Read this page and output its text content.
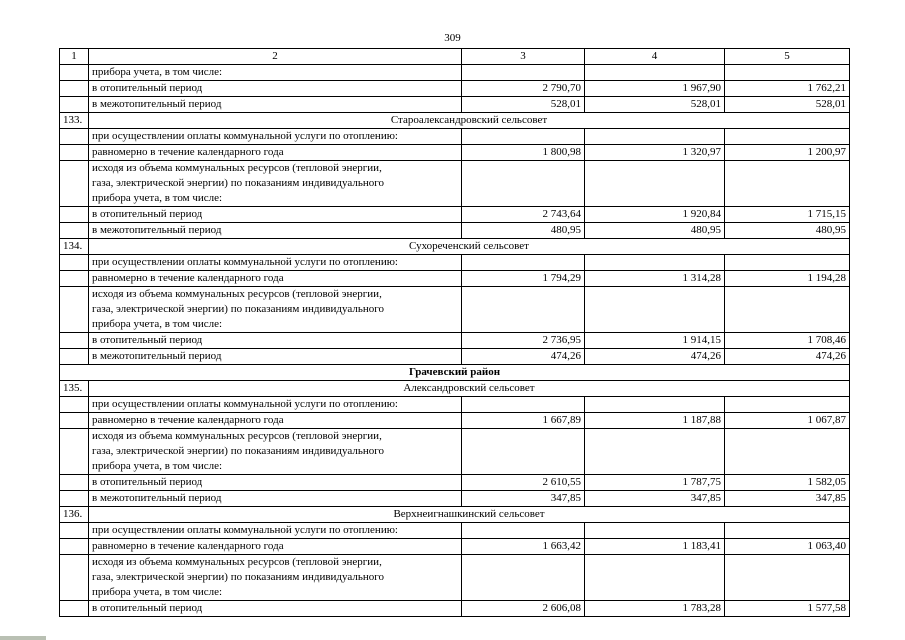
309
1	2	3	4	5
	прибора учета, в том числе:			
	в отопительный период	2 790,70	1 967,90	1 762,21
	в межотопительный период	528,01	528,01	528,01
133.	Староалександровский сельсовет			
	при осуществлении оплаты коммунальной услуги по отоплению:			
	равномерно в течение календарного года	1 800,98	1 320,97	1 200,97

	исходя из объема коммунальных ресурсов (тепловой энергии,
газа, электрической энергии) по показаниям индивидуального
прибора учета, в том числе:			

	в отопительный период	2 743,64	1 920,84	1 715,15
	в межотопительный период	480,95	480,95	480,95
134.	Сухореченский сельсовет			
	при осуществлении оплаты коммунальной услуги по отоплению:			
	равномерно в течение календарного года	1 794,29	1 314,28	1 194,28

	исходя из объема коммунальных ресурсов (тепловой энергии,
газа, электрической энергии) по показаниям индивидуального
прибора учета, в том числе:			

	в отопительный период	2 736,95	1 914,15	1 708,46
	в межотопительный период	474,26	474,26	474,26
Грачевский район				
135.	Александровский сельсовет			
	при осуществлении оплаты коммунальной услуги по отоплению:			
	равномерно в течение календарного года	1 667,89	1 187,88	1 067,87

	исходя из объема коммунальных ресурсов (тепловой энергии,
газа, электрической энергии) по показаниям индивидуального
прибора учета, в том числе:			

	в отопительный период	2 610,55	1 787,75	1 582,05
	в межотопительный период	347,85	347,85	347,85
136.	Верхнеигнашкинский сельсовет			
	при осуществлении оплаты коммунальной услуги по отоплению:			
	равномерно в течение календарного года	1 663,42	1 183,41	1 063,40

	исходя из объема коммунальных ресурсов (тепловой энергии,
газа, электрической энергии) по показаниям индивидуального
прибора учета, в том числе:			

	в отопительный период	2 606,08	1 783,28	1 577,58
